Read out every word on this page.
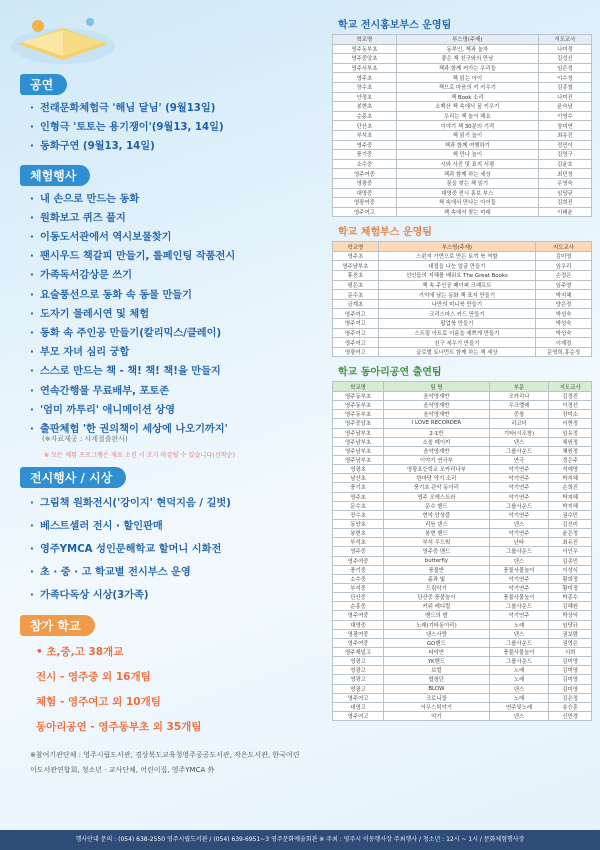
공연
· 전래문화체험극 '해님 달님' (9월13일)
· 인형극 '토토는 용기쟁이'(9월13, 14일)
· 동화구연 (9월13, 14일)
체험행사
· 내 손으로 만드는 동화
· 원화보고 퀴즈 풀지
· 이동도서관에서 역시보물찾기
· 팬시우드 책갈피 만들기, 롤페인팅 작품전시
· 가족독서감상문 쓰기
· 요술풍선으로 동화 속 동물 만들기
· 도자기 물레시연 및 체험
· 동화 속 주인공 만들기(칼리믹스/클레이)
· 부모 자녀 심리 궁합
· 스스로 만드는 책 - 책! 책! 책!을 만들지
· 연속간행물 무료배부, 포토존
· '엄미 까투리' 애니메이션 상영
· 출판체험 '한 권의책이 세상에 나오기까지'
(※자료제공 : 사계절출판사)
※ 모든 체험 프로그램은 재료 소진 시 조기 마감될 수 있습니다(선착순)
전시행사 / 시상
· 그림책 원화전시('강이지' 현덕지음 / 길벗)
· 베스트셀러 전시 · 할인판매
· 영주YMCA 성인문해학교 할머니 시화전
· 초 · 중 · 고 학교별 전시부스 운영
· 가족다독상 시상(3가족)
참가 학교
• 초,중,고 38개교
전시 - 영주중 외 16개팀
체험 - 영주여고 외 10개팀
동아리공연 - 영주동부초 외 35개팀
※참여기관단체 : 영주시립도서관, 경상북도교육청영주공공도서관, 작은도서관, 한국어린이도서관연합회, 청소년 · 교사단체, 어린이집, 영주YMCA 外
학교 전시홍보부스 운영팀
학교명	부스명(주제)	지도교사
영주동부초	동부인, 책과 놀자	나미정
영주중앙초	좋은 책 친구와의 만남	김성신
영주서부초	책과 함께 커가는 우리들	임은정
영주초	책 읽는 아이	이수정
장수초	책으로 마음의 키 키우기	김종철
안정초	책 Book 소리	나미진
봉현초	소백산 책 속에서 꿈 키우기	윤숙남
순흥초	우리는 책 놀이 해요	이영수
단산초	이야기 책 30분의 기적	장미연
부석초	책 읽기 놀이	최유진
영주중	책과 함께 여행하기	정민이
풍기중	책 만나 놀이	김영구
소수중	시와 사진 및 표지 서평	김윤호
영주여중	책과 함께 하는 세상	최민정
영광중	꿈을 찾는 책 읽기	우영숙
대영중	대영중 전시 홍보 부스	임당규
영광여중	책 속에서 만나는 아이들	김희진
영주여고	책 속에서 찾는 미래	이태윤
학교 체험부스 운영팀
학교명	부스명(주제)	지도교사
영주초	스펀지 가면으로 만든 토끼 북 역할	김미영
영주남부초	대접을 나눈 얼굴 만들기	임우리
휴천초	선인들의 지혜를 배워요 The Great Books	손정은
평은초	책 속 주인공 페이퍼 크래프트	임주영
문수초	기억에 남는 동화 책 표지 만들기	박지혜
금계초	나만의 미니북 만들기	양은정
영주여고	크리스마스 카드 만들기	박성숙
영주여고	팝업북 만들기	박성숙
영주여고	스트링 아트로 이름을 예쁘게 만들기	박성숙
영주여고	친구 세우기 만들기	이재정
영광여고	글로벌 토너먼트 함께 하는 책 세상	문영희,홍순정
학교 동아리공연 출연팀
학교명	팀 명	부문	지도교사
영주동부초	음악영재반	오카리나	김정진
영주동부초	음악영재반	우크렐레	이정선
영주동부초	음악영재반	중창	장미소
영주중앙초	I LOVE RECORDER	리코더	이현정
영주남부초	2-1반	기타(시조창)	임유정
영주남부초	소울 메이커	댄스	채원정
영주남부초	음악영재반	그룹사운드	채원정
영주남부초	이야기 연극부	연극	정은주
영광초	영광초등학교 오카리나부	악기연주	석예영
남산초	한마당 악기 소리	악기연주	박지혜
풍기초	풍기초 관악 동아리	악기연주	손희진
영주초	영주 오케스트라	악기연주	박지혜
문수초	문수 밴드	그룹사운드	박지혜
장수초	현악 앙상블	악기연주	권수민
동양초	리듬 댄스	댄스	김선미
봉현초	봉현 밴드	악기연주	윤은정
부석초	부석 우드웍	난타	최유진
영주중	영주중 밴드	그룹사운드	이인우
영주여중	butterfly	댄스	김종민
풍기중	풍물반	풍물사물놀이	이성식
소수중	흙과 빛	악기연주	황희정
부석중	드림악기	악기연주	황미정
단산중	단산중 풍물놀이	풍물사물놀이	박종수
순흥중	키위 레디컬	그룹사운드	김혜원
영주여중	밴드의 밤	악기연주	박상익
대영중	노래(기타동아리)	노래	임당규
영광여중	댄스사랑	댄스	권보람
영주여중	GO밴드	그룹사운드	권영은
영주제일고	타악반	풍물사물놀이	서희
영광고	YK밴드	그룹사운드	김미영
영광고	보컬	노래	김미영
영광고	합창단	노래	김미영
영광고	BLOW	댄스	김미영
영주여고	크로니클	노래	김은정
대영고	아우스틱악기	연주및노래	송승훈
영주여고	악기	댄스	신민경
행사안내 문의 : (054) 638-2550 영주시립도서관 / (054) 639-6951~3 영주문화예술회관 ※ 주최 : 영주시 이동행사장 주최행사 / 청소년 : 12시 ~ 1시 / 문화체험행사장
